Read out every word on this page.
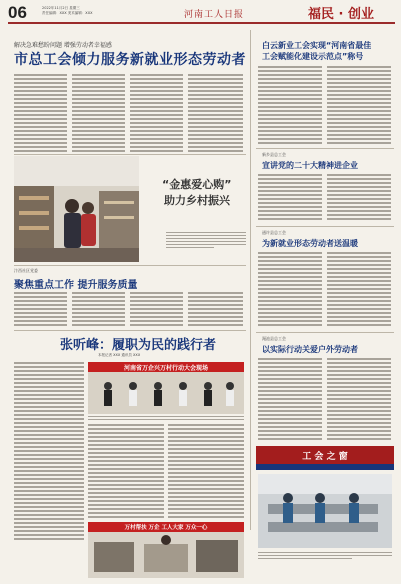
06	2022年11月2日 星期三
责任编辑：XXX 美术编辑：XXX	河南工人日报	福民 · 创业
解决急难愁盼问题 增强劳动者幸福感
市总工会倾力服务新就业形态劳动者
“金惠爱心购”
助力乡村振兴
白云新业工会实现“河南省最佳
工会赋能化建设示范点”称号
新乡县总工会
宣讲党的二十大精神进企业
通许县总工会
为新就业形态劳动者送温暖
渑池县总工会
以实际行动关爱户外劳动者
工 会 之 窗
汴西社区党委
聚焦重点工作 提升服务质量
张听峰：履职为民的践行者
本报记者 XXX 通讯员 XXX
河南省万企兴万村行动大会现场
万村帮扶 万企 工人大家 万众一心
